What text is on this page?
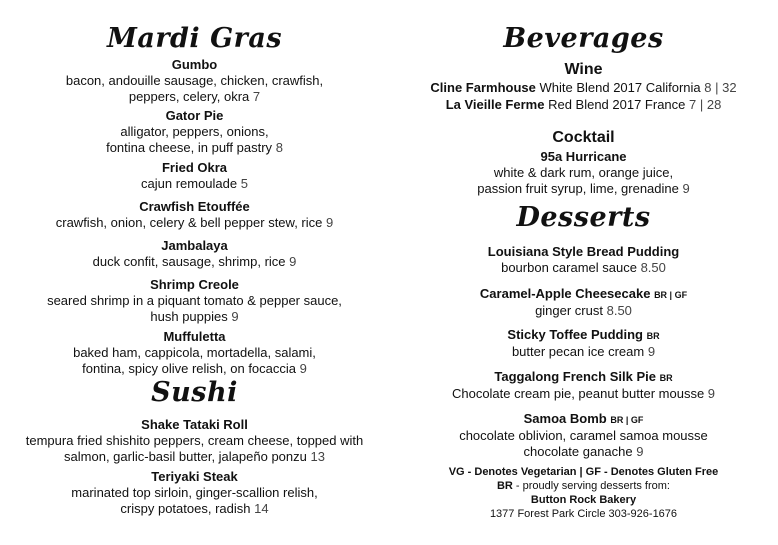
Mardi Gras
Gumbo
bacon, andouille sausage, chicken, crawfish,
peppers, celery, okra 7
Gator Pie
alligator, peppers, onions,
fontina cheese, in puff pastry 8
Fried Okra
cajun remoulade 5
Crawfish Etouffée
crawfish, onion, celery & bell pepper stew, rice 9
Jambalaya
duck confit, sausage, shrimp, rice 9
Shrimp Creole
seared shrimp in a piquant tomato & pepper sauce,
hush puppies 9
Muffuletta
baked ham, cappicola, mortadella, salami,
fontina, spicy olive relish, on focaccia 9
Sushi
Shake Tataki Roll
tempura fried shishito peppers, cream cheese, topped with
salmon, garlic-basil butter, jalapeño ponzu 13
Teriyaki Steak
marinated top sirloin, ginger-scallion relish,
crispy potatoes, radish 14
Beverages
Wine
Cline Farmhouse White Blend 2017 California 8 | 32
La Vieille Ferme Red Blend 2017 France 7 | 28
Cocktail
95a Hurricane
white & dark rum, orange juice,
passion fruit syrup, lime, grenadine 9
Desserts
Louisiana Style Bread Pudding
bourbon caramel sauce 8.50
Caramel-Apple Cheesecake BR | GF
ginger crust 8.50
Sticky Toffee Pudding BR
butter pecan ice cream 9
Taggalong French Silk Pie BR
Chocolate cream pie, peanut butter mousse 9
Samoa Bomb BR | GF
chocolate oblivion, caramel samoa mousse
chocolate ganache 9
VG - Denotes Vegetarian | GF - Denotes Gluten Free
BR - proudly serving desserts from:
Button Rock Bakery
1377 Forest Park Circle 303-926-1676
